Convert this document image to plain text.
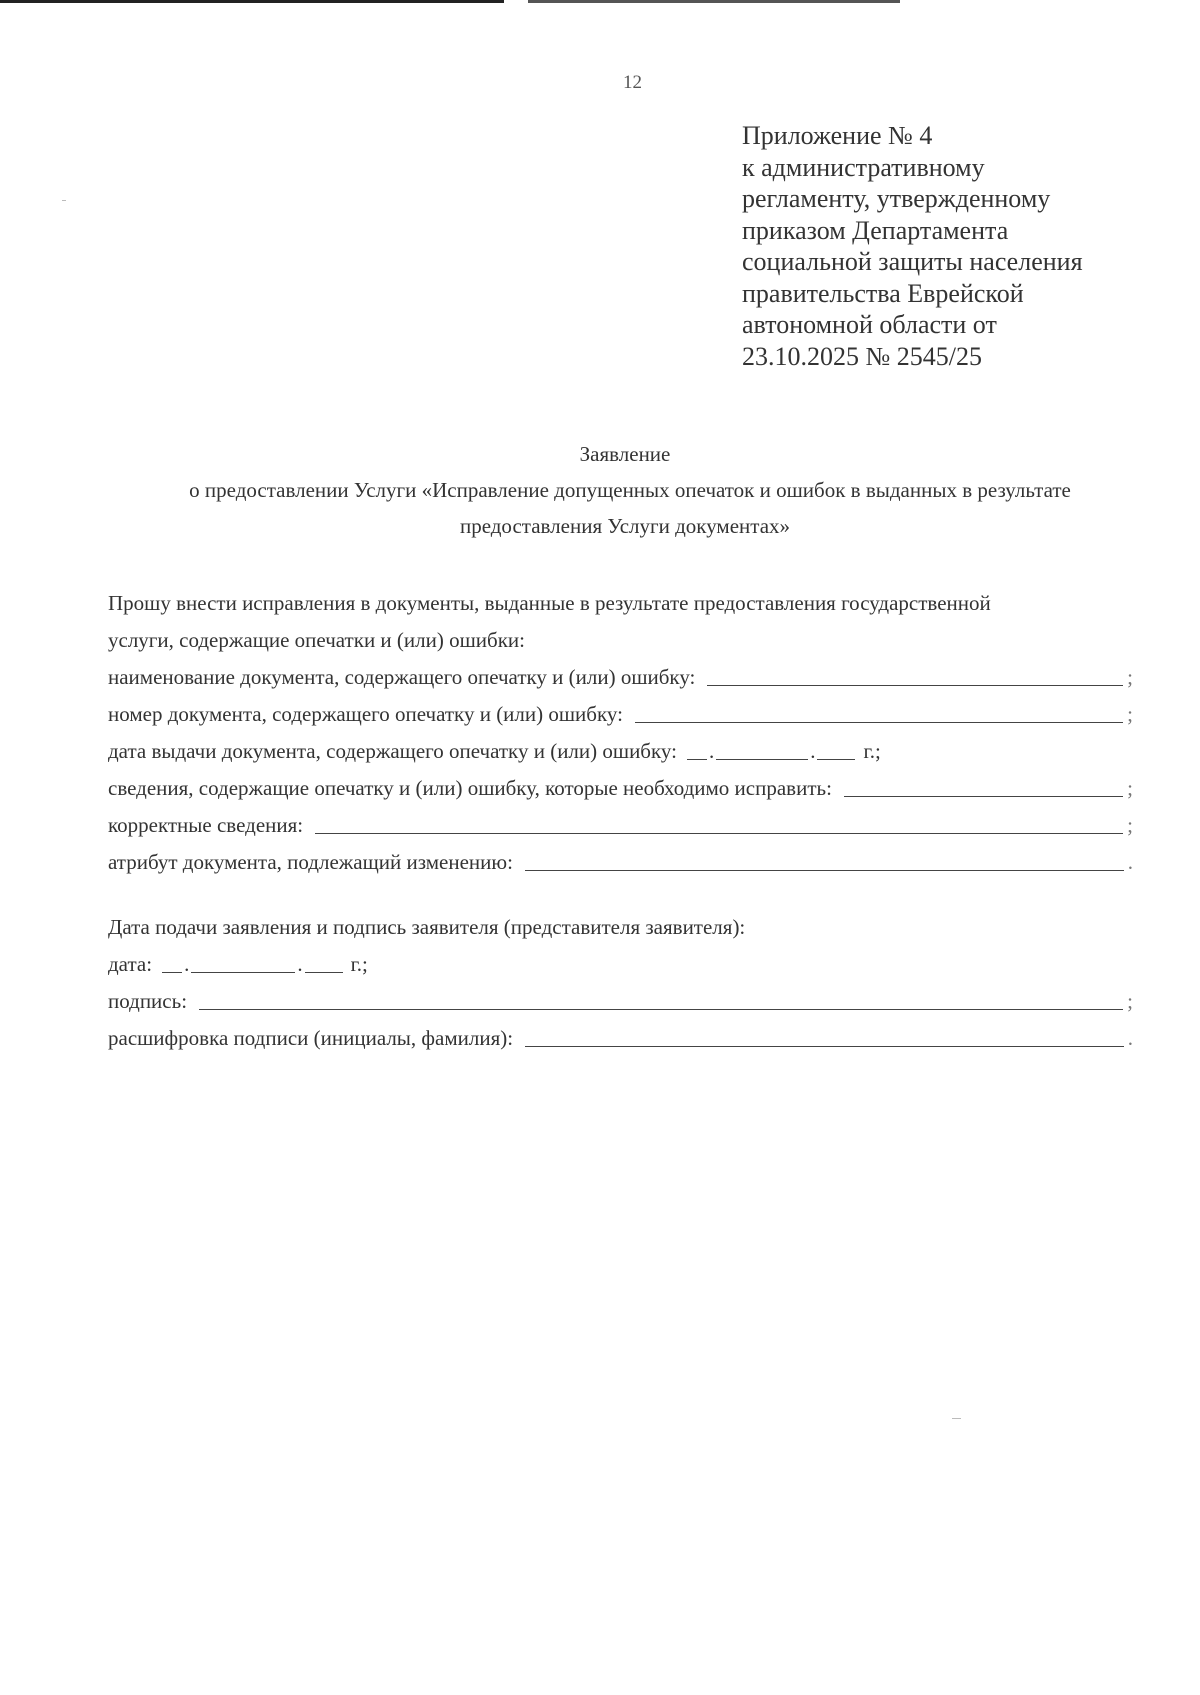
12
Приложение № 4
к административному
регламенту, утвержденному
приказом Департамента
социальной защиты населения
правительства Еврейской
автономной области от
23.10.2025 № 2545/25
Заявление
о предоставлении Услуги «Исправление допущенных опечаток и ошибок в выданных в результате
предоставления Услуги документах»
Прошу внести исправления в документы, выданные в результате предоставления государственной
услуги, содержащие опечатки и (или) ошибки:
наименование документа, содержащего опечатку и (или) ошибку:	;
номер документа, содержащего опечатку и (или) ошибку:	;
дата выдачи документа, содержащего опечатку и (или) ошибку:	.	.	г.;
сведения, содержащие опечатку и (или) ошибку, которые необходимо исправить:	;
корректные сведения:	;
атрибут документа, подлежащий изменению:	.
Дата подачи заявления и подпись заявителя (представителя заявителя):
дата:	.	.	г.;
подпись:	;
расшифровка подписи (инициалы, фамилия):	.
